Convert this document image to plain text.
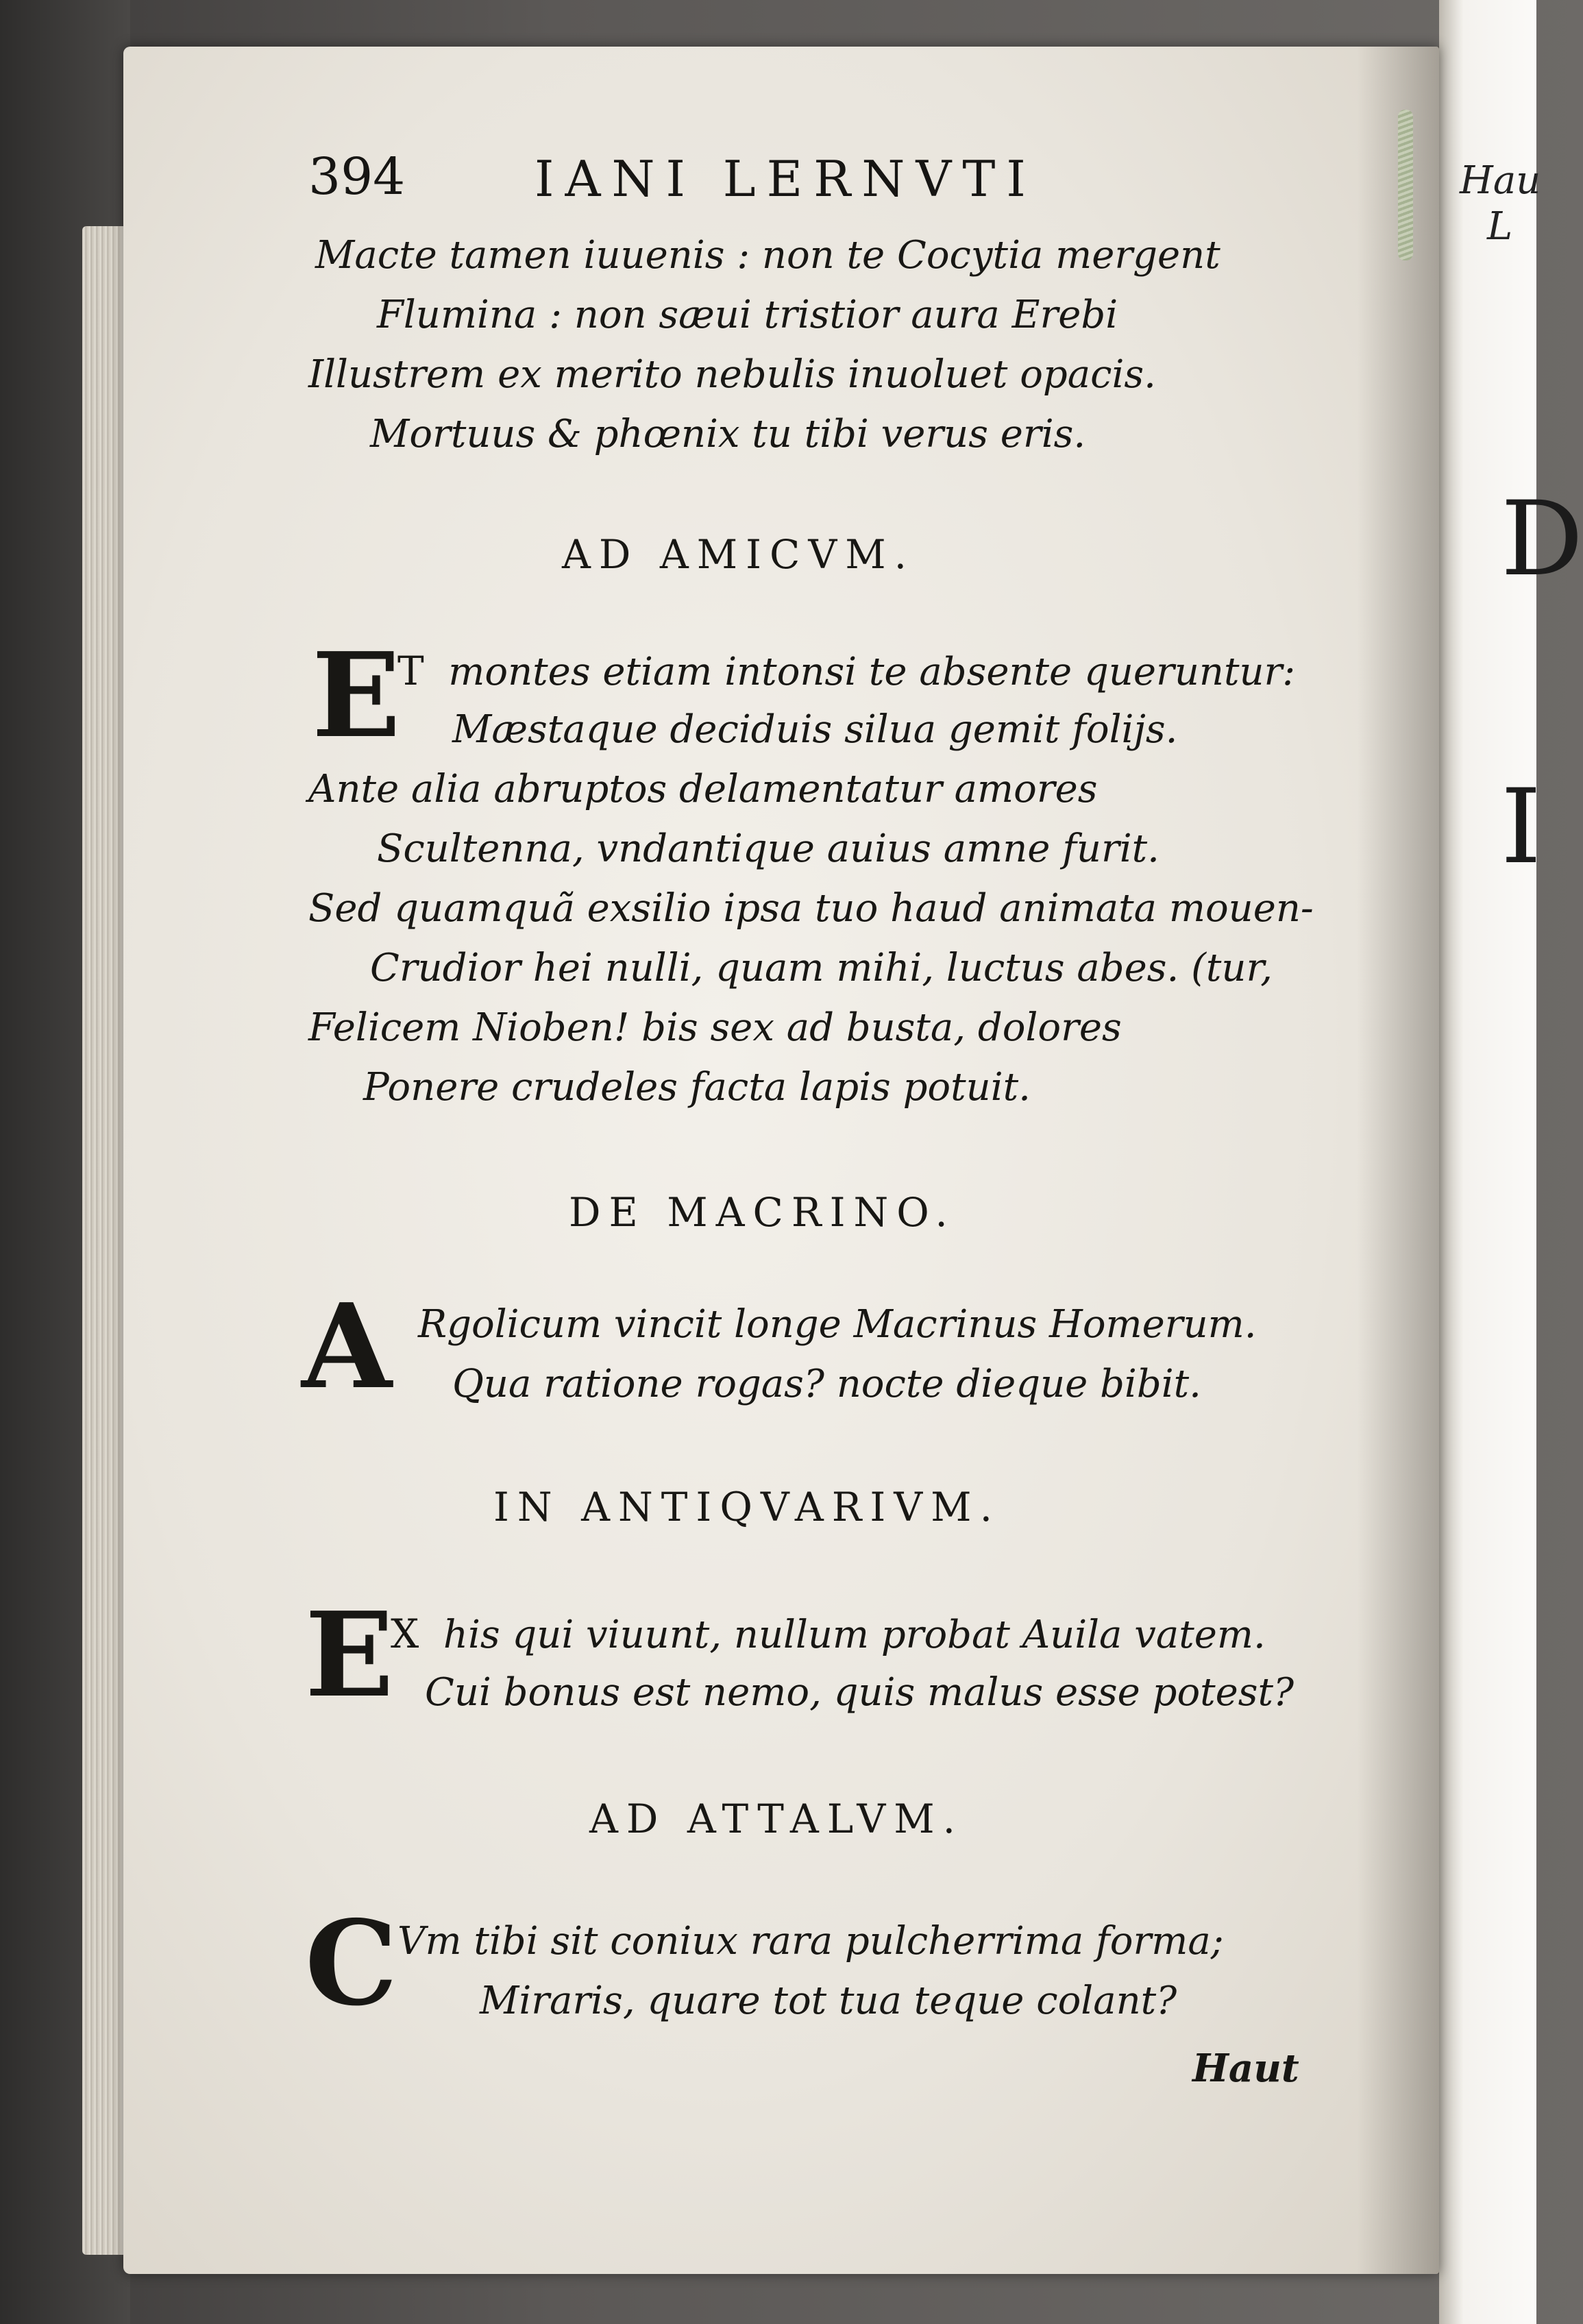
Hau
L
D
I
394	IANI LERNVTI
Macte tamen iuuenis : non te Cocytia mergent
Flumina : non sæui tristior aura Erebi
Illustrem ex merito nebulis inuoluet opacis.
Mortuus & phœnix tu tibi verus eris.
AD AMICVM.
E
T montes etiam intonsi te absente queruntur:
Mæstaque deciduis silua gemit folijs.
Ante alia abruptos delamentatur amores
Scultenna, vndantique auius amne furit.
Sed quamquã exsilio ipsa tuo haud animata mouen-
Crudior hei nulli, quam mihi, luctus abes. (tur,
Felicem Nioben! bis sex ad busta, dolores
Ponere crudeles facta lapis potuit.
DE MACRINO.
A Rgolicum vincit longe Macrinus Homerum.
Qua ratione rogas? nocte dieque bibit.
IN ANTIQVARIVM.
E
X his qui viuunt, nullum probat Auila vatem.
Cui bonus est nemo, quis malus esse potest?
AD ATTALVM.
C Vm tibi sit coniux rara pulcherrima forma;
Miraris, quare tot tua teque colant?
Haut
